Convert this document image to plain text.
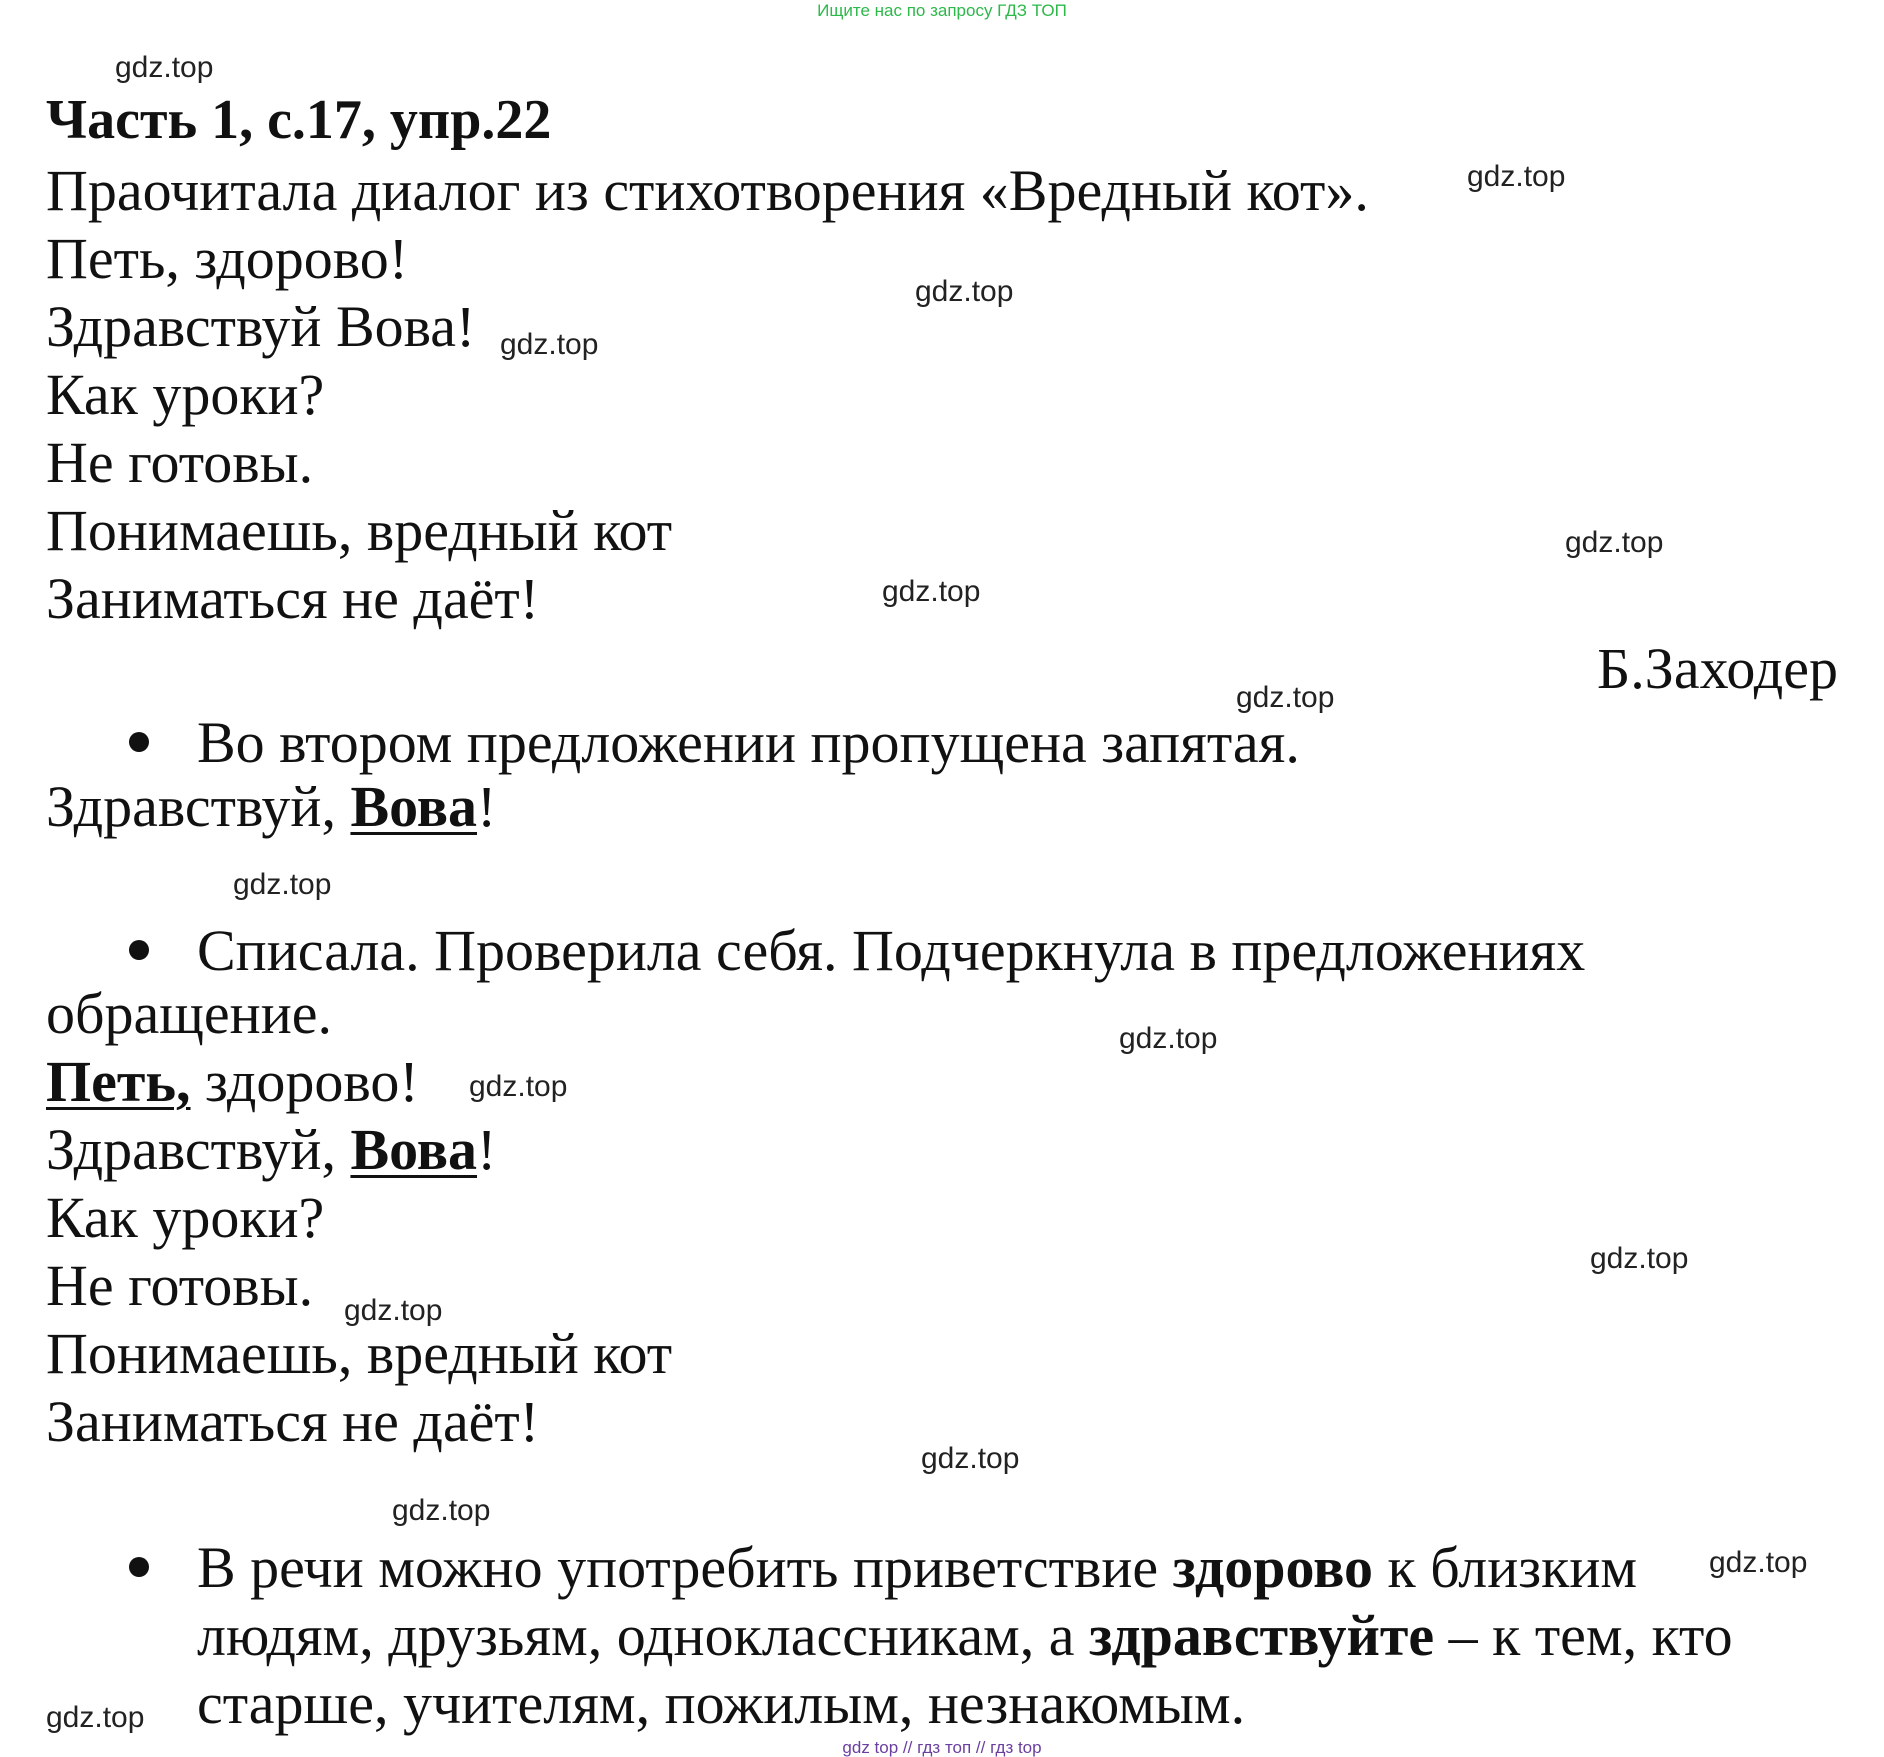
Ищите нас по запросу ГДЗ ТОП
Часть 1, с.17, упр.22
Праочитала диалог из стихотворения «Вредный кот».
Петь, здорово!
Здравствуй Вова!
Как уроки?
Не готовы.
Понимаешь, вредный кот
Заниматься не даёт!
Б.Заходер
Во втором предложении пропущена запятая.
Здравствуй, Вова!
Списала. Проверила себя. Подчеркнула в предложениях
обращение.
Петь, здорово!
Здравствуй, Вова!
Как уроки?
Не готовы.
Понимаешь, вредный кот
Заниматься не даёт!
В речи можно употребить приветствие здорово к близким
людям, друзьям, одноклассникам, а здравствуйте – к тем, кто
старше, учителям, пожилым, незнакомым.
gdz.top
gdz.top
gdz.top
gdz.top
gdz.top
gdz.top
gdz.top
gdz.top
gdz.top
gdz.top
gdz.top
gdz.top
gdz.top
gdz.top
gdz.top
gdz.top
gdz top // гдз топ // гдз top
